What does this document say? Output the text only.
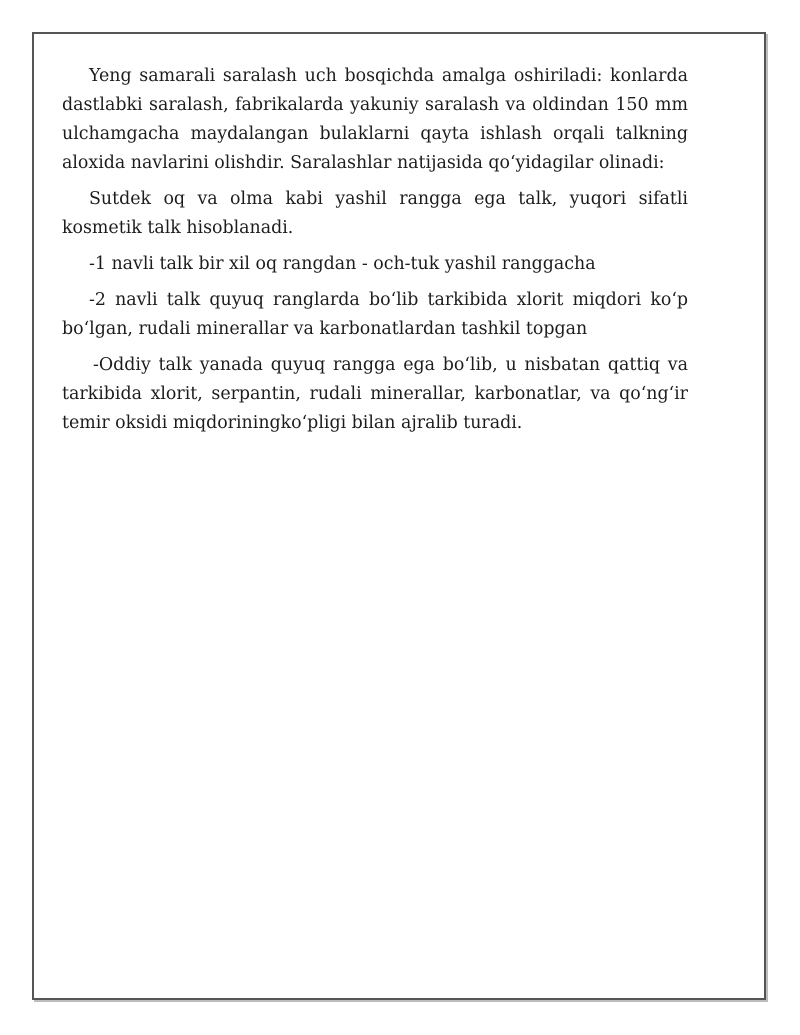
Yeng samarali saralash uch bosqichda amalga oshiriladi: konlarda dastlabki saralash, fabrikalarda yakuniy saralash va oldindan 150 mm ulchamgacha maydalangan bulaklarni qayta ishlash orqali talkning aloxida navlarini olishdir. Saralashlar natijasida qo‘yidagilar olinadi:

Sutdek oq va olma kabi yashil rangga ega talk, yuqori sifatli kosmetik talk hisoblanadi.

-1 navli talk bir xil oq rangdan - och-tuk yashil ranggacha

-2 navli talk quyuq ranglarda bo‘lib tarkibida xlorit miqdori ko‘p bo‘lgan, rudali minerallar va karbonatlardan tashkil topgan

-Oddiy talk yanada quyuq rangga ega bo‘lib, u nisbatan qattiq va tarkibida xlorit, serpantin, rudali minerallar, karbonatlar, va qo‘ng‘ir temir oksidi miqdoriningko‘pligi bilan ajralib turadi.
